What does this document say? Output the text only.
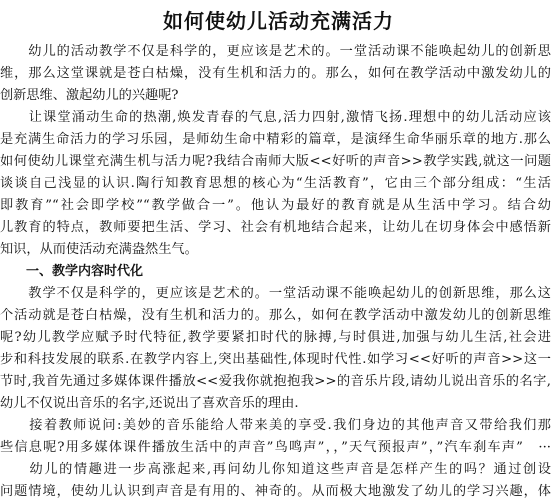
如何使幼儿活动充满活力
　　幼儿的活动教学不仅是科学的，更应该是艺术的。一堂活动课不能唤起幼儿的创新思
维，那么这堂课就是苍白枯燥，没有生机和活力的。那么，如何在教学活动中激发幼儿的
创新思维、激起幼儿的兴趣呢?
　　让课堂涌动生命的热潮,焕发青春的气息,活力四射,激情飞扬.理想中的幼儿活动应该
是充满生命活力的学习乐园，是师幼生命中精彩的篇章，是演绎生命华丽乐章的地方.那么
如何使幼儿课堂充满生机与活力呢?我结合南师大版<<好听的声音>>教学实践,就这一问题
谈谈自己浅显的认识.陶行知教育思想的核心为“生活教育”，它由三个部分组成：“生活
即教育”“社会即学校”“教学做合一”。他认为最好的教育就是从生活中学习。结合幼
儿教育的特点，教师要把生活、学习、社会有机地结合起来，让幼儿在切身体会中感悟新
知识，从而使活动充满盎然生气。
　　一、教学内容时代化
　　教学不仅是科学的，更应该是艺术的。一堂活动课不能唤起幼儿的创新思维，那么这
个活动就是苍白枯燥，没有生机和活力的。那么，如何在教学活动中激发幼儿的创新思维
呢?幼儿教学应赋予时代特征,教学要紧扣时代的脉搏,与时俱进,加强与幼儿生活,社会进
步和科技发展的联系.在教学内容上,突出基础性,体现时代性.如学习<<好听的声音>>这一
节时,我首先通过多媒体课件播放<<爱我你就抱抱我>>的音乐片段,请幼儿说出音乐的名字,
幼儿不仅说出音乐的名字,还说出了喜欢音乐的理由.
　　接着教师说问:美妙的音乐能给人带来美的享受.我们身边的其他声音又带给我们那
些信息呢?用多媒体课件播放生活中的声音”鸟鸣声”，，”天气预报声”，”汽车刹车声”　···
　　幼儿的情趣进一步高涨起来,再问幼儿你知道这些声音是怎样产生的吗？通过创设
问题情境，使幼儿认识到声音是有用的、神奇的。从而极大地激发了幼儿的学习兴趣，体
